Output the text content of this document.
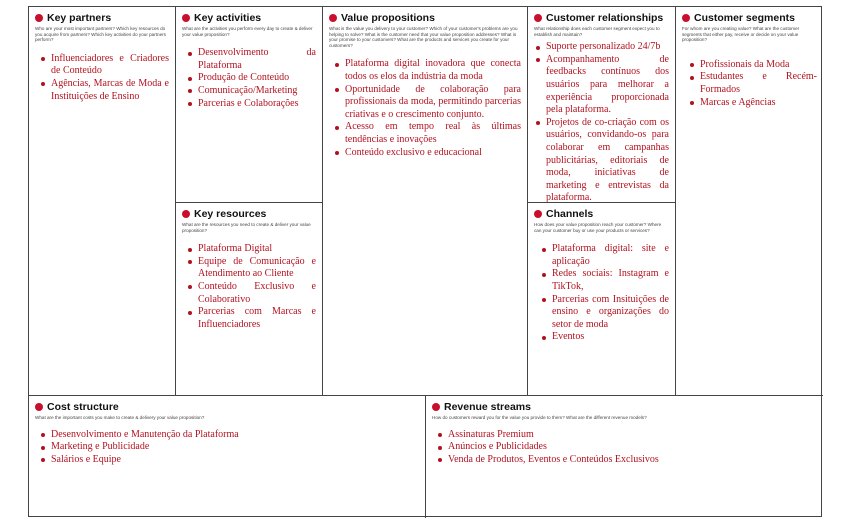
Key partners
Who are your most important partners? Which key resources do you acquire from partners? Which key activities do your partners perform?
Influenciadores e Criadores de Conteúdo
Agências, Marcas de Moda e Instituições de Ensino
Key activities
What are the activities you perform every day to create & deliver your value proposition?
Desenvolvimento da Plataforma
Produção de Conteúdo
Comunicação/Marketing
Parcerias e Colaborações
Key resources
What are the resources you need to create & deliver your value proposition?
Plataforma Digital
Equipe de Comunicação e Atendimento ao Cliente
Conteúdo Exclusivo e Colaborativo
Parcerias com Marcas e Influenciadores
Value propositions
What is the value you delivery to your customer? Which of your customer's problems are you helping to solve? What is the customer need that your value proposition addresses? What is your promise to your customers? What are the products and services you create for your customers?
Plataforma digital inovadora que conecta todos os elos da indústria da moda
Oportunidade de colaboração para profissionais da moda, permitindo parcerias criativas e o crescimento conjunto.
Acesso em tempo real às últimas tendências e inovações
Conteúdo exclusivo e educacional
Customer relationships
What relationship does each customer segment expect you to establish and maintain?
Suporte personalizado 24/7b
Acompanhamento de feedbacks contínuos dos usuários para melhorar a experiência proporcionada pela plataforma.
Projetos de co-criação com os usuários, convidando-os para colaborar em campanhas publicitárias, editoriais de moda, iniciativas de marketing e entrevistas da plataforma.
Channels
How does your value proposition reach your customer? Where can your customer buy or use your products or services?
Plataforma digital: site e aplicação
Redes sociais: Instagram e TikTok,
Parcerias com Insituições de ensino e organizações do setor de moda
Eventos
Customer segments
For whom are you creating value? What are the customer segments that either pay, receive or decide on your value proposition?
Profissionais da Moda
Estudantes e Recém-Formados
Marcas e Agências
Cost structure
What are the important costs you make to create & delivery your value proposition?
Desenvolvimento e Manutenção da Plataforma
Marketing e Publicidade
Salários e Equipe
Revenue streams
How do customers reward you for the value you provide to them? What are the different revenue models?
Assinaturas Premium
Anúncios e Publicidades
Venda de Produtos, Eventos e Conteúdos Exclusivos
